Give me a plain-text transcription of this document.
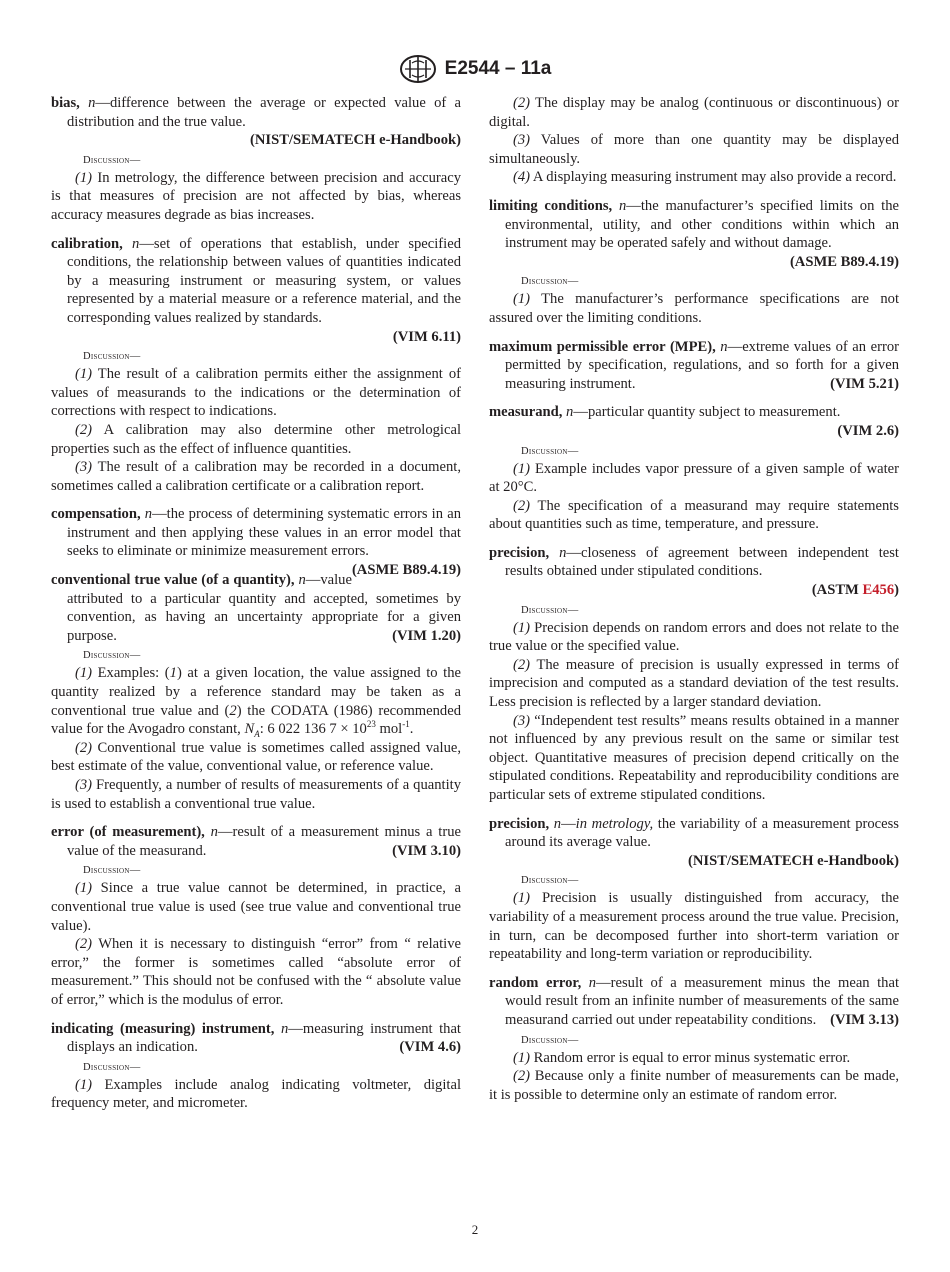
E2544 – 11a

bias, n—difference between the average or expected value of a distribution and the true value.

(NIST/SEMATECH e-Handbook)
Discussion—

(1) In metrology, the difference between precision and accuracy is that measures of precision are not affected by bias, whereas accuracy measures degrade as bias increases.

calibration, n—set of operations that establish, under specified conditions, the relationship between values of quantities indicated by a measuring instrument or measuring system, or values represented by a material measure or a reference material, and the corresponding values realized by standards.

(VIM 6.11)
Discussion—

(1) The result of a calibration permits either the assignment of values of measurands to the indications or the determination of corrections with respect to indications.

(2) A calibration may also determine other metrological properties such as the effect of influence quantities.

(3) The result of a calibration may be recorded in a document, sometimes called a calibration certificate or a calibration report.

compensation, n—the process of determining systematic errors in an instrument and then applying these values in an error model that seeks to eliminate or minimize measurement errors.
(ASME B89.4.19)

conventional true value (of a quantity), n—value attributed to a particular quantity and accepted, sometimes by convention, as having an uncertainty appropriate for a given purpose.	(VIM 1.20)

Discussion—

(1) Examples: (1) at a given location, the value assigned to the quantity realized by a reference standard may be taken as a conventional true value and (2) the CODATA (1986) recommended value for the Avogadro constant, $N_A$: 6 022 136 $7 \times 10^{23}$ mol$^{-1}$.

(2) Conventional true value is sometimes called assigned value, best estimate of the value, conventional value, or reference value.

(3) Frequently, a number of results of measurements of a quantity is used to establish a conventional true value.

error (of measurement), n—result of a measurement minus a true value of the measurand.	(VIM 3.10)

Discussion—

(1) Since a true value cannot be determined, in practice, a conventional true value is used (see true value and conventional true value).

(2) When it is necessary to distinguish “error” from “ relative error,” the former is sometimes called “absolute error of measurement.” This should not be confused with the “ absolute value of error,” which is the modulus of error.

indicating (measuring) instrument, n—measuring instrument that displays an indication.	(VIM 4.6)

Discussion—

(1) Examples include analog indicating voltmeter, digital frequency meter, and micrometer.

(2) The display may be analog (continuous or discontinuous) or digital.

(3) Values of more than one quantity may be displayed simultaneously.

(4) A displaying measuring instrument may also provide a record.

limiting conditions, n—the manufacturer’s specified limits on the environmental, utility, and other conditions within which an instrument may be operated safely and without damage.

(ASME B89.4.19)
Discussion—

(1) The manufacturer’s performance specifications are not assured over the limiting conditions.

maximum permissible error (MPE), n—extreme values of an error permitted by specification, regulations, and so forth for a given measuring instrument.	(VIM 5.21)

measurand, n—particular quantity subject to measurement.

(VIM 2.6)
Discussion—

(1) Example includes vapor pressure of a given sample of water at 20°C.

(2) The specification of a measurand may require statements about quantities such as time, temperature, and pressure.

precision, n—closeness of agreement between independent test results obtained under stipulated conditions.

(ASTM E456)
Discussion—

(1) Precision depends on random errors and does not relate to the true value or the specified value.

(2) The measure of precision is usually expressed in terms of imprecision and computed as a standard deviation of the test results. Less precision is reflected by a larger standard deviation.

(3) “Independent test results” means results obtained in a manner not influenced by any previous result on the same or similar test object. Quantitative measures of precision depend critically on the stipulated conditions. Repeatability and reproducibility conditions are particular sets of extreme stipulated conditions.

precision, n—in metrology, the variability of a measurement process around its average value.

(NIST/SEMATECH e-Handbook)
Discussion—

(1) Precision is usually distinguished from accuracy, the variability of a measurement process around the true value. Precision, in turn, can be decomposed further into short-term variation or repeatability and long-term variation or reproducibility.

random error, n—result of a measurement minus the mean that would result from an infinite number of measurements of the same measurand carried out under repeatability conditions. (VIM 3.13)

Discussion—

(1) Random error is equal to error minus systematic error.

(2) Because only a finite number of measurements can be made, it is possible to determine only an estimate of random error.

2
